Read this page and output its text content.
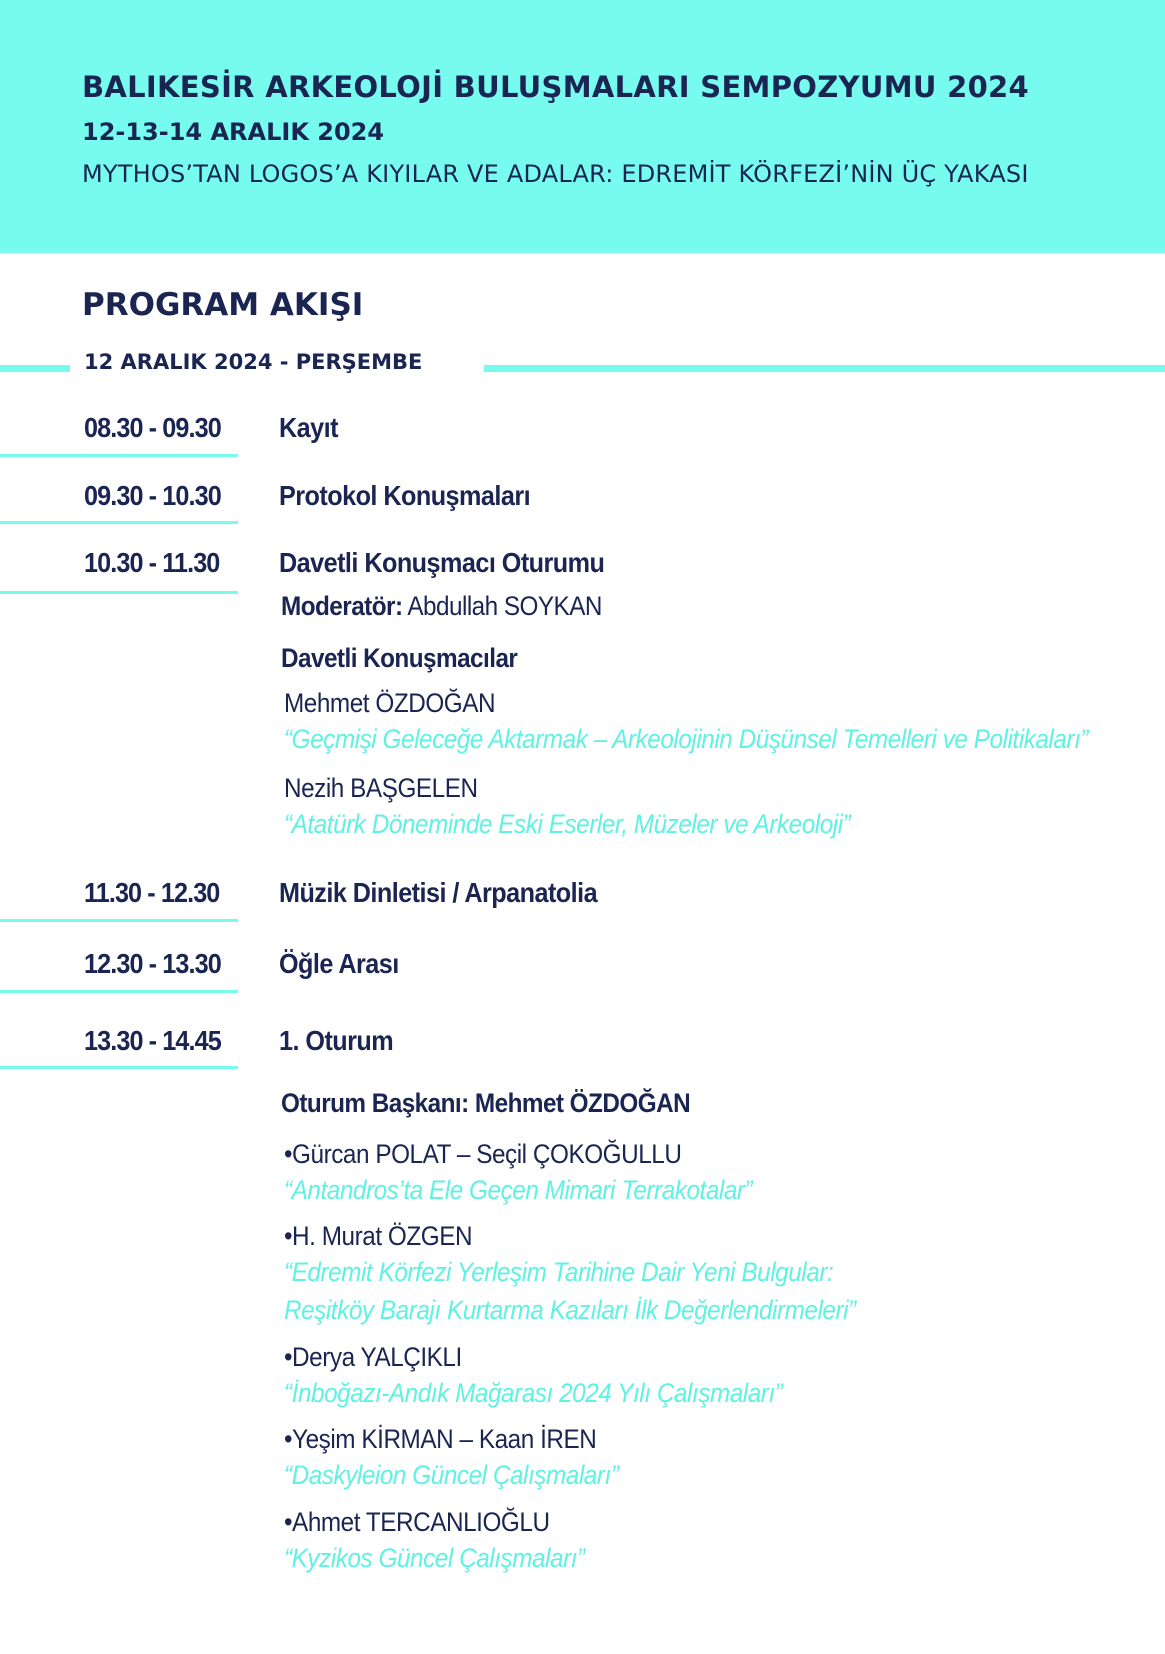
BALIKESİR ARKEOLOJİ BULUŞMALARI SEMPOZYUMU 2024
12-13-14 ARALIK 2024
MYTHOS’TAN LOGOS’A KIYILAR VE ADALAR: EDREMİT KÖRFEZİ’NİN ÜÇ YAKASI
PROGRAM AKIŞI
12 ARALIK 2024 - PERŞEMBE
08.30 - 09.30 Kayıt
09.30 - 10.30 Protokol Konuşmaları
10.30 - 11.30 Davetli Konuşmacı Oturumu
Moderatör: Abdullah SOYKAN
Davetli Konuşmacılar
Mehmet ÖZDOĞAN
“Geçmişi Geleceğe Aktarmak – Arkeolojinin Düşünsel Temelleri ve Politikaları”
Nezih BAŞGELEN
“Atatürk Döneminde Eski Eserler, Müzeler ve Arkeoloji”
11.30 - 12.30 Müzik Dinletisi / Arpanatolia
12.30 - 13.30 Öğle Arası
13.30 - 14.45 1. Oturum
Oturum Başkanı: Mehmet ÖZDOĞAN
•Gürcan POLAT – Seçil ÇOKOĞULLU
“Antandros’ta Ele Geçen Mimari Terrakotalar”
•H. Murat ÖZGEN
“Edremit Körfezi Yerleşim Tarihine Dair Yeni Bulgular:
Reşitköy Barajı Kurtarma Kazıları İlk Değerlendirmeleri”
•Derya YALÇIKLI
“İnboğazı-Andık Mağarası 2024 Yılı Çalışmaları”
•Yeşim KİRMAN – Kaan İREN
“Daskyleion Güncel Çalışmaları”
•Ahmet TERCANLIOĞLU
“Kyzikos Güncel Çalışmaları”
